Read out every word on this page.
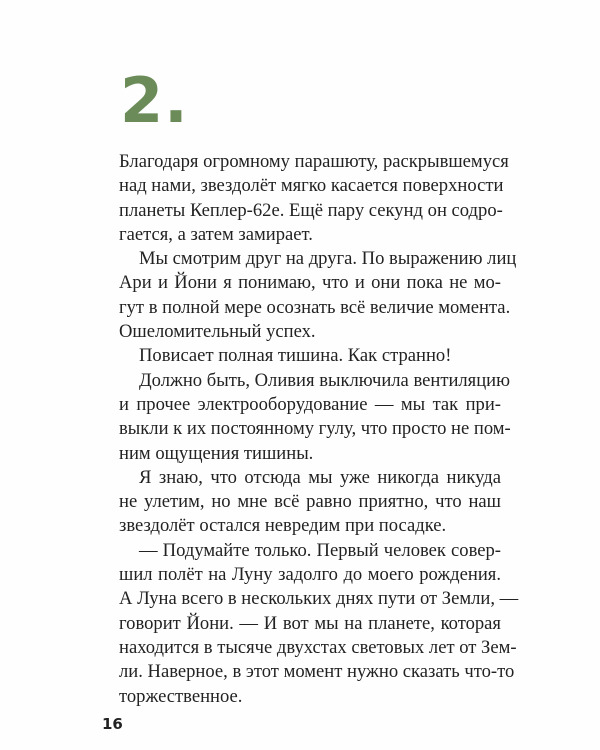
2.
Благодаря огромному парашюту, раскрывшемуся
над нами, звездолёт мягко касается поверхности
планеты Кеплер-62е. Ещё пару секунд он содро-
гается, а затем замирает.
Мы смотрим друг на друга. По выражению лиц
Ари и Йони я понимаю, что и они пока не мо-
гут в полной мере осознать всё величие момента.
Ошеломительный успех.
Повисает полная тишина. Как странно!
Должно быть, Оливия выключила вентиляцию
и прочее электрооборудование — мы так при-
выкли к их постоянному гулу, что просто не пом-
ним ощущения тишины.
Я знаю, что отсюда мы уже никогда никуда
не улетим, но мне всё равно приятно, что наш
звездолёт остался невредим при посадке.
— Подумайте только. Первый человек совер-
шил полёт на Луну задолго до моего рождения.
А Луна всего в нескольких днях пути от Земли, —
говорит Йони. — И вот мы на планете, которая
находится в тысяче двухстах световых лет от Зем-
ли. Наверное, в этот момент нужно сказать что-то
торжественное.
16
